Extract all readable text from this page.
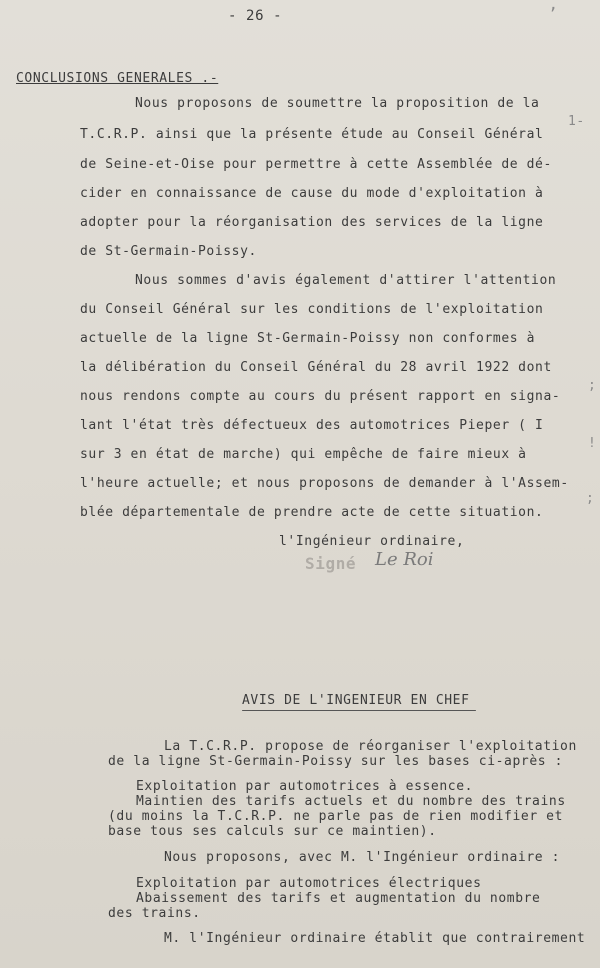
- 26 -	ʼ
CONCLUSIONS GENERALES .-
Nous proposons de soumettre la proposition de la
T.C.R.P. ainsi que la présente étude au Conseil Général
de Seine-et-Oise pour permettre à cette Assemblée de dé-
cider en connaissance de cause du mode d'exploitation à
adopter pour la réorganisation des services de la ligne
de St-Germain-Poissy.
Nous sommes d'avis également d'attirer l'attention
du Conseil Général sur les conditions de l'exploitation
actuelle de la ligne St-Germain-Poissy non conformes à
la délibération du Conseil Général du 28 avril 1922 dont
nous rendons compte au cours du présent rapport en signa-
lant l'état très défectueux des automotrices Pieper ( I
sur 3 en état de marche) qui empêche de faire mieux à
l'heure actuelle; et nous proposons de demander à l'Assem-
blée départementale de prendre acte de cette situation.
l'Ingénieur ordinaire,
Signé Le Roi
AVIS DE L'INGENIEUR EN CHEF
La T.C.R.P. propose de réorganiser l'exploitation
de la ligne St-Germain-Poissy sur les bases ci-après :
Exploitation par automotrices à essence.
Maintien des tarifs actuels et du nombre des trains
(du moins la T.C.R.P. ne parle pas de rien modifier et
base tous ses calculs sur ce maintien).
Nous proposons, avec M. l'Ingénieur ordinaire :
Exploitation par automotrices électriques
Abaissement des tarifs et augmentation du nombre
des trains.
M. l'Ingénieur ordinaire établit que contrairement
1-
;
!
;
